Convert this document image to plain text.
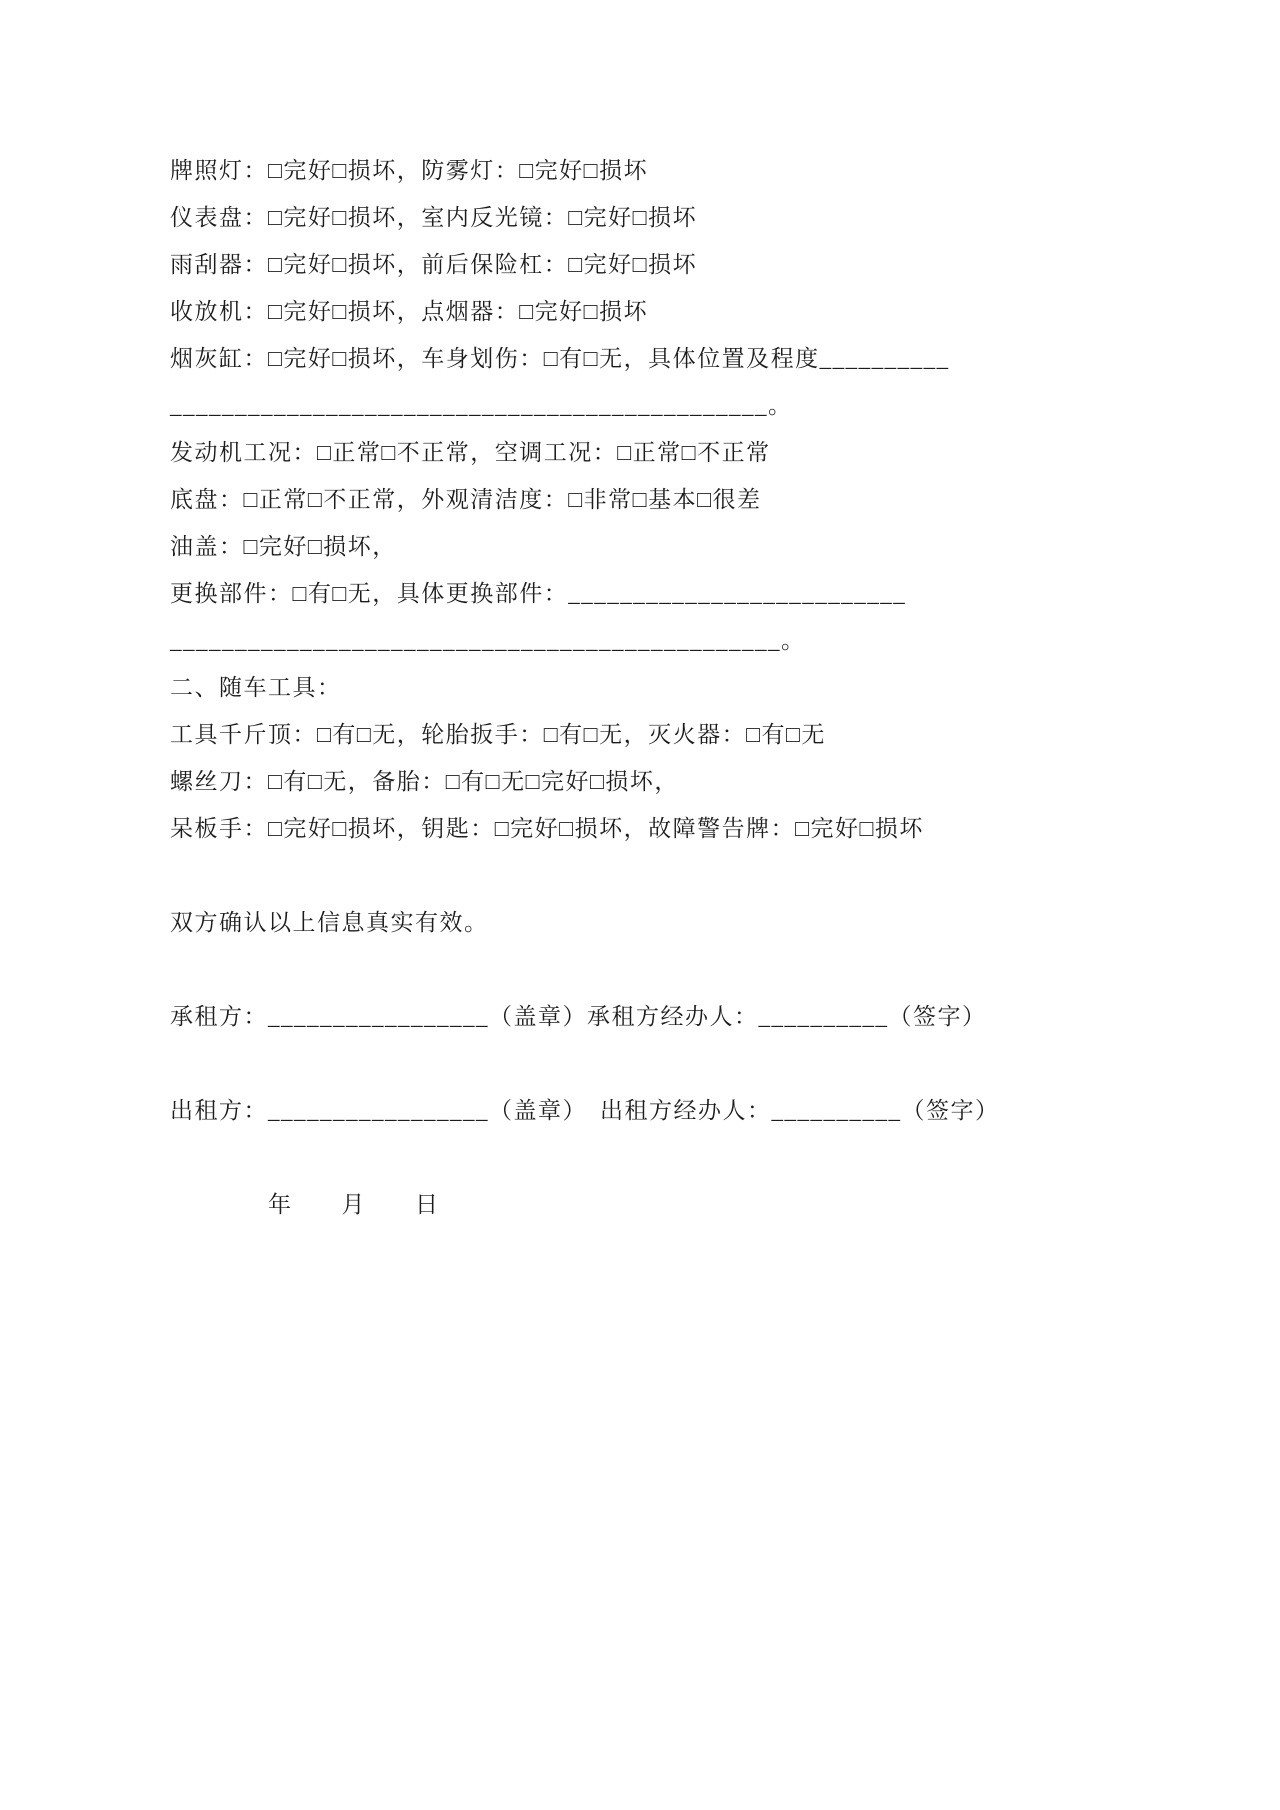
牌照灯：□完好□损坏，防雾灯：□完好□损坏
仪表盘：□完好□损坏，室内反光镜：□完好□损坏
雨刮器：□完好□损坏，前后保险杠：□完好□损坏
收放机：□完好□损坏，点烟器：□完好□损坏
烟灰缸：□完好□损坏，车身划伤：□有□无，具体位置及程度__________
______________________________________________。
发动机工况：□正常□不正常，空调工况：□正常□不正常
底盘：□正常□不正常，外观清洁度：□非常□基本□很差
油盖：□完好□损坏，
更换部件：□有□无，具体更换部件：__________________________
_______________________________________________。
二、随车工具：
工具千斤顶：□有□无，轮胎扳手：□有□无，灭火器：□有□无
螺丝刀：□有□无，备胎：□有□无□完好□损坏，
呆板手：□完好□损坏，钥匙：□完好□损坏，故障警告牌：□完好□损坏
双方确认以上信息真实有效。
承租方：_________________（盖章）承租方经办人：__________（签字）
出租方：_________________（盖章）　出租方经办人：__________（签字）
　　　　年　　月　　日
